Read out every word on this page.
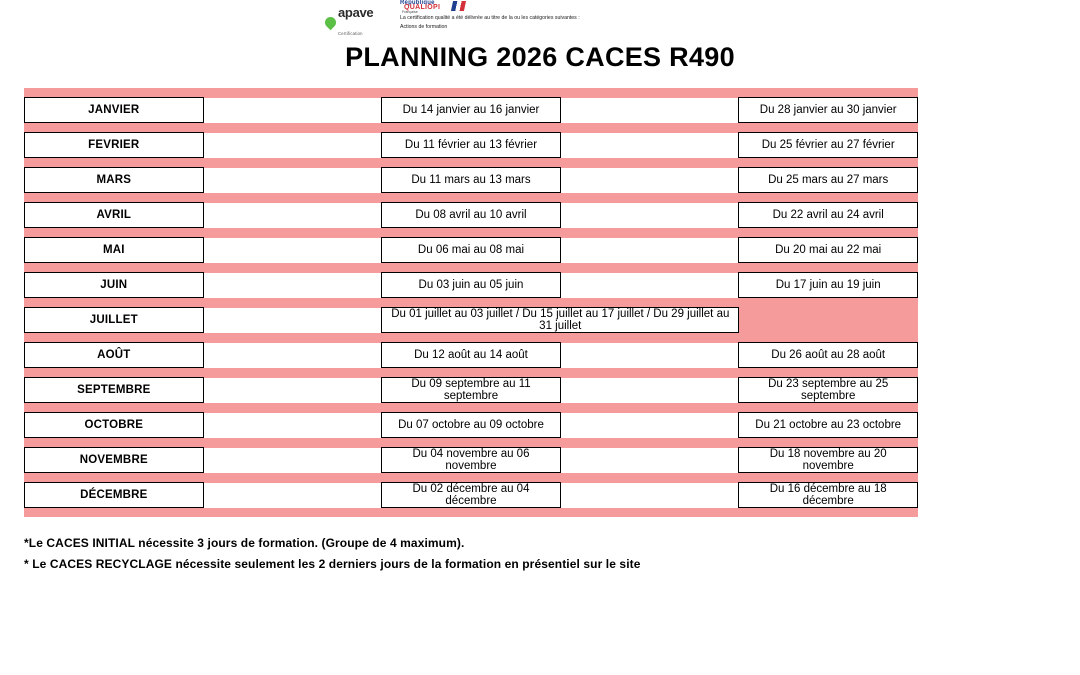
apave
Certification
République
QUALIOPI
Française
La certification qualité a été délivrée au titre de la ou les catégories suivantes :
Actions de formation
PLANNING 2026 CACES R490

JANVIER		Du 14 janvier au 16 janvier		Du 28 janvier au 30 janvier

FEVRIER		Du 11 février au 13 février		Du 25 février au 27 février

MARS		Du 11 mars au 13 mars		Du 25 mars au 27 mars

AVRIL		Du 08 avril au 10 avril		Du 22 avril au 24 avril

MAI		Du 06 mai au 08 mai		Du 20 mai au 22 mai

JUIN		Du 03 juin au 05 juin		Du 17 juin au 19 juin

JUILLET		Du 01 juillet au 03 juillet / Du 15 juillet au 17 juillet / Du 29 juillet au 31 juillet		

AOÛT		Du 12 août au 14 août		Du 26 août au 28 août

SEPTEMBRE		Du 09 septembre au 11 septembre		Du 23 septembre au 25 septembre

OCTOBRE		Du 07 octobre au 09 octobre		Du 21 octobre au 23 octobre

NOVEMBRE		Du 04 novembre au 06 novembre		Du 18 novembre au 20 novembre

DÉCEMBRE		Du 02 décembre au 04 décembre		Du 16 décembre au 18 décembre

*Le CACES INITIAL nécessite 3 jours de formation. (Groupe de 4 maximum).

* Le CACES RECYCLAGE nécessite seulement les 2 derniers jours de la formation en présentiel sur le site
